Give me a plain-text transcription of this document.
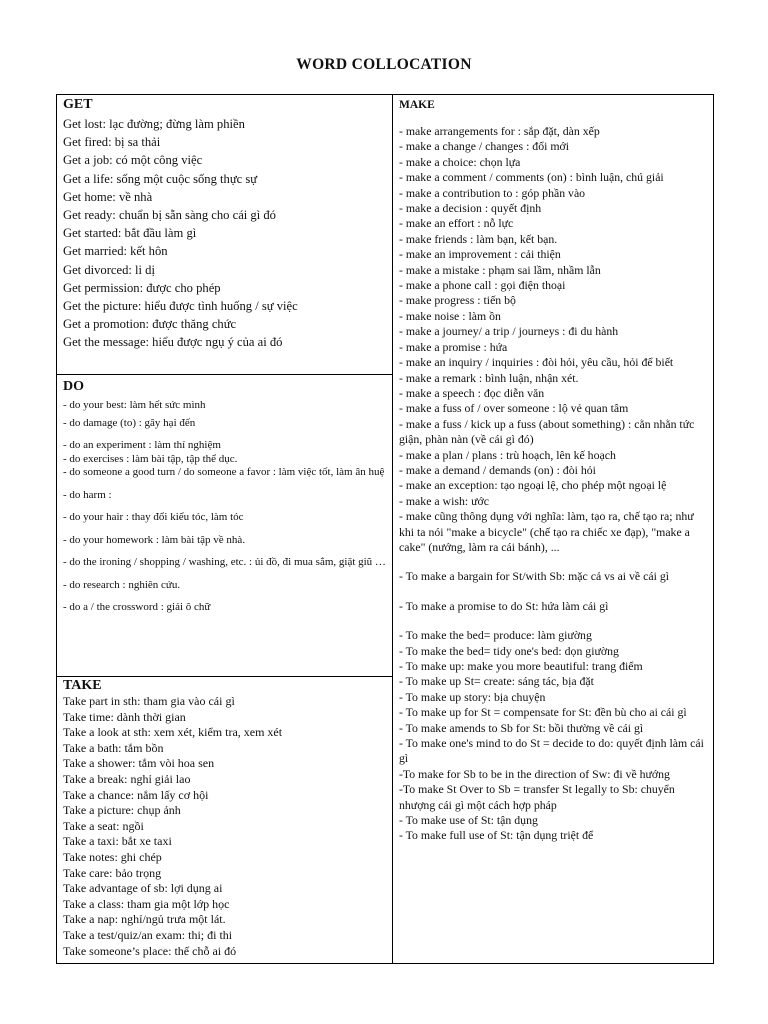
WORD COLLOCATION
GET
Get lost: lạc đường; đừng làm phiền
Get fired: bị sa thải
Get a job: có một công việc
Get a life: sống một cuộc sống thực sự
Get home: về nhà
Get ready: chuẩn bị sẵn sàng cho cái gì đó
Get started: bắt đầu làm gì
Get married: kết hôn
Get divorced: li dị
Get permission: được cho phép
Get the picture: hiểu được tình huống / sự việc
Get a promotion: được thăng chức
Get the message: hiểu được ngụ ý của ai đó
DO
- do your best: làm hết sức mình
- do damage (to) : gây hại đến
- do an experiment : làm thí nghiệm
- do exercises : làm bài tập, tập thể dục.
- do someone a good turn / do someone a favor : làm việc tốt, làm ân huệ
- do harm :
- do your hair : thay đổi kiểu tóc, làm tóc
- do your homework : làm bài tập về nhà.
- do the ironing / shopping / washing, etc. : ủi đồ, đi mua sắm, giặt giũ …
- do research : nghiên cứu.
- do a / the crossword : giải ô chữ
TAKE
Take part in sth: tham gia vào cái gì
Take time: dành thời gian
Take a look at sth: xem xét, kiểm tra, xem xét
Take a bath: tắm bồn
Take a shower: tắm vòi hoa sen
Take a break: nghỉ giải lao
Take a chance: nắm lấy cơ hội
Take a picture: chụp ảnh
Take a seat: ngồi
Take a taxi: bắt xe taxi
Take notes: ghi chép
Take care: bảo trọng
Take advantage of sb: lợi dụng ai
Take a class: tham gia một lớp học
Take a nap: nghỉ/ngủ trưa một lát.
Take a test/quiz/an exam: thi; đi thi
Take someone’s place: thế chỗ ai đó
MAKE
- make arrangements for : sắp đặt, dàn xếp
- make a change / changes : đổi mới
- make a choice: chọn lựa
- make a comment / comments (on) : bình luận, chú giải
- make a contribution to : góp phần vào
- make a decision : quyết định
- make an effort : nỗ lực
- make friends : làm bạn, kết bạn.
- make an improvement : cải thiện
- make a mistake : phạm sai lầm, nhầm lẫn
- make a phone call : gọi điện thoại
- make progress : tiến bộ
- make noise : làm ồn
- make a journey/ a trip / journeys : đi du hành
- make a promise : hứa
- make an inquiry / inquiries : đòi hỏi, yêu cầu, hỏi để biết
- make a remark : bình luận, nhận xét.
- make a speech : đọc diễn văn
- make a fuss of / over someone : lộ vẻ quan tâm
- make a fuss / kick up a fuss (about something) : cằn nhằn tức giận, phàn nàn (về cái gì đó)
- make a plan / plans : trù hoạch, lên kế hoạch
- make a demand / demands (on) : đòi hỏi
- make an exception: tạo ngoại lệ, cho phép một ngoại lệ
- make a wish: ước
- make cũng thông dụng với nghĩa: làm, tạo ra, chế tạo ra; như khi ta nói "make a bicycle" (chế tạo ra chiếc xe đạp), "make a cake" (nướng, làm ra cái bánh), ...
- To make a bargain for St/with Sb: mặc cả vs ai về cái gì
- To make a promise to do St: hứa làm cái gì
- To make the bed= produce: làm giường
- To make the bed= tidy one's bed: dọn giường
- To make up: make you more beautiful: trang điểm
- To make up St= create: sáng tác, bịa đặt
- To make up story: bịa chuyện
- To make up for St = compensate for St: đền bù cho ai cái gì
- To make amends to Sb for St: bồi thường về cái gì
- To make one's mind to do St = decide to do: quyết định làm cái gì
-To make for Sb to be in the direction of Sw: đi về hướng
-To make St Over to Sb = transfer St legally to Sb: chuyển nhượng cái gì một cách hợp pháp
- To make use of St: tận dụng
- To make full use of St: tận dụng triệt để
